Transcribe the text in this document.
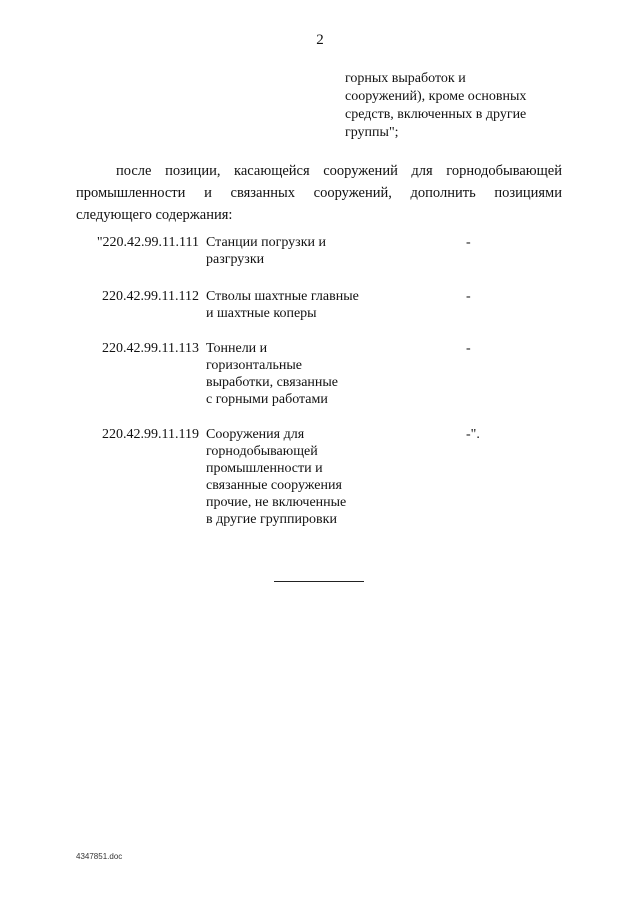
2
горных выработок и
сооружений), кроме основных
средств, включенных в другие
группы";
после позиции, касающейся сооружений для горнодобывающей
промышленности и связанных сооружений, дополнить позициями
следующего содержания:
"220.42.99.11.111 Станции погрузки и
разгрузки
-
220.42.99.11.112 Стволы шахтные главные
и шахтные коперы
-
220.42.99.11.113 Тоннели и
горизонтальные
выработки, связанные
с горными работами
-
220.42.99.11.119 Сооружения для
горнодобывающей
промышленности и
связанные сооружения
прочие, не включенные
в другие группировки
-".
4347851.doc
